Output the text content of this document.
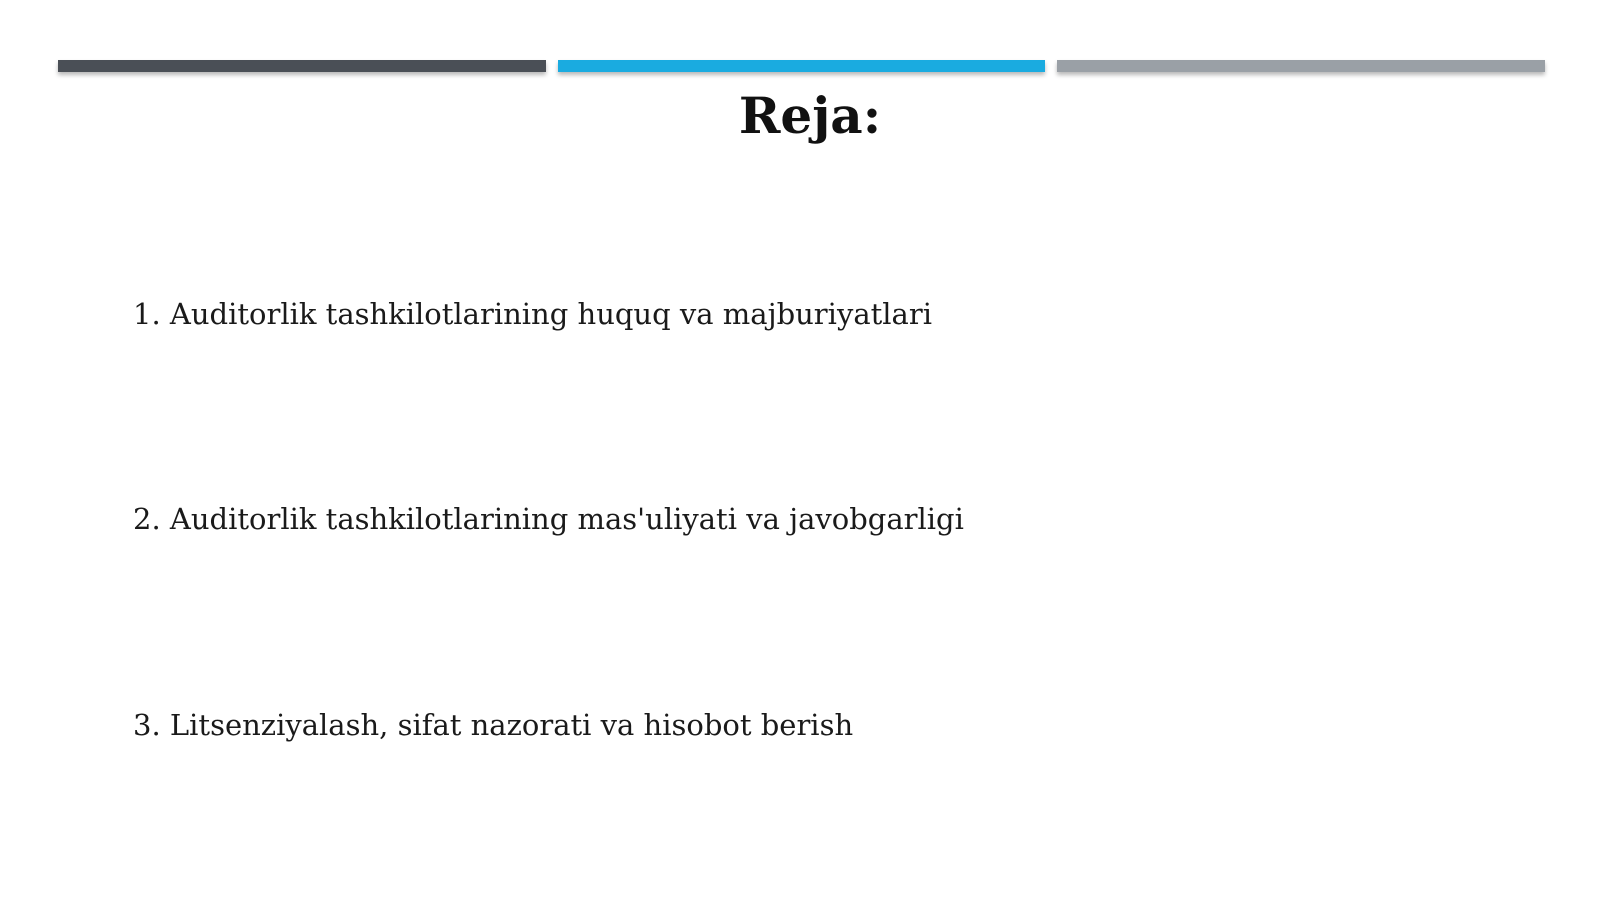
Reja:
1. Auditorlik tashkilotlarining huquq va majburiyatlari
2. Auditorlik tashkilotlarining mas'uliyati va javobgarligi
3. Litsenziyalash, sifat nazorati va hisobot berish
